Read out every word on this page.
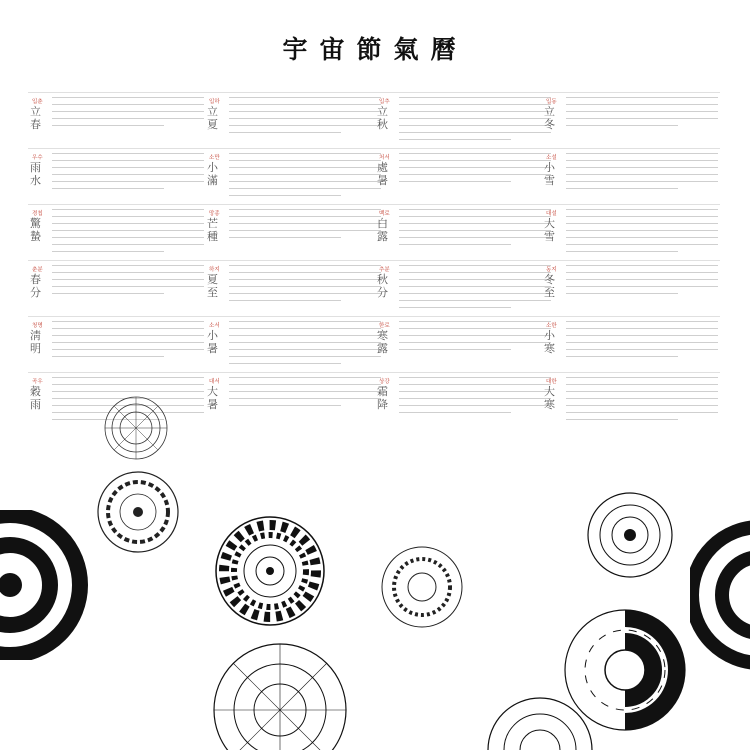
宇宙節氣曆
입춘
立春
우수
雨水
경칩
驚蟄
춘분
春分
청명
淸明
곡우
穀雨
입하
立夏
소만
小滿
망종
芒種
하지
夏至
소서
小暑
대서
大暑
입추
立秋
처서
處暑
백로
白露
추분
秋分
한로
寒露
상강
霜降
입동
立冬
소설
小雪
대설
大雪
동지
冬至
소한
小寒
대한
大寒
